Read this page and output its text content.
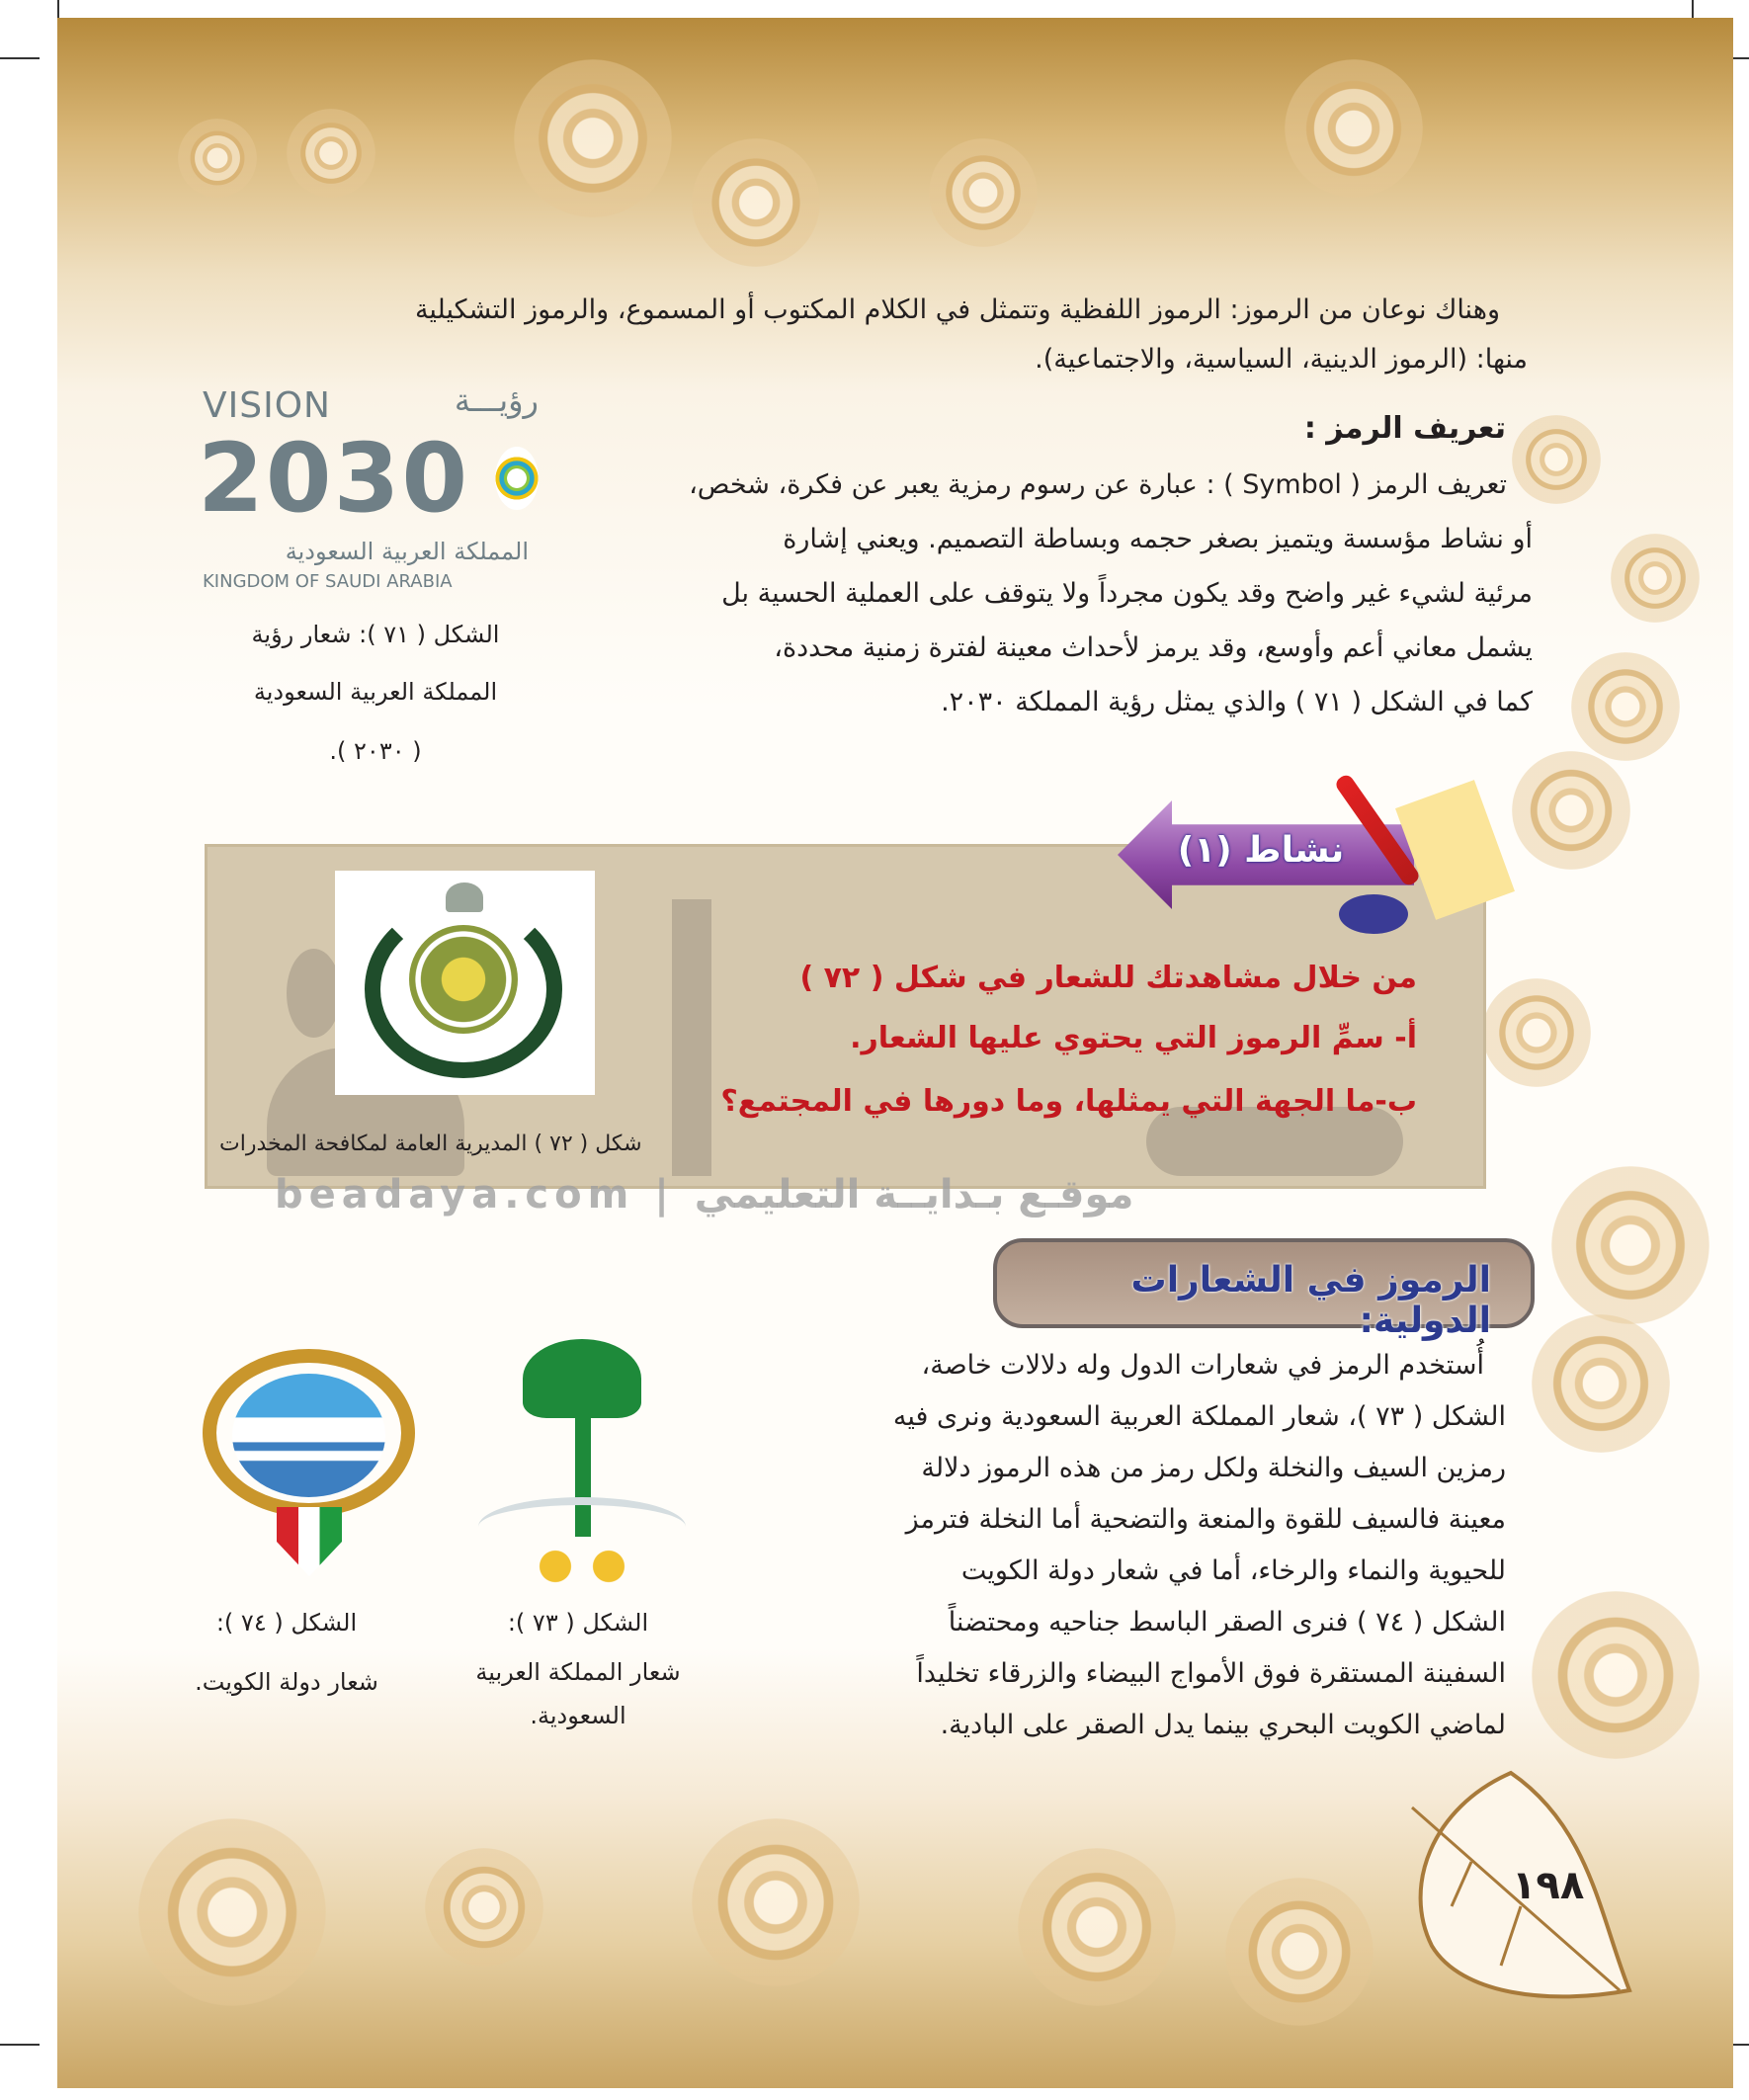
وهناك نوعان من الرموز: الرموز اللفظية وتتمثل في الكلام المكتوب أو المسموع، والرموز التشكيلية
منها: (الرموز الدينية، السياسية، والاجتماعية).
VISION	رؤيـــة
2030
المملكة العربية السعودية
KINGDOM OF SAUDI ARABIA
الشكل ( ٧١ ): شعار رؤية
المملكة العربية السعودية
( ٢٠٣٠ ).
تعريف الرمز :
تعريف الرمز ( Symbol ) : عبارة عن رسوم رمزية يعبر عن فكرة، شخص،
أو نشاط مؤسسة ويتميز بصغر حجمه وبساطة التصميم. ويعني إشارة
مرئية لشيء غير واضح وقد يكون مجرداً ولا يتوقف على العملية الحسية بل
يشمل معاني أعم وأوسع، وقد يرمز لأحداث معينة لفترة زمنية محددة،
كما في الشكل ( ٧١ ) والذي يمثل رؤية المملكة ٢٠٣٠.
نشاط (١)
من خلال مشاهدتك للشعار في شكل ( ٧٢ )
أ- سمِّ الرموز التي يحتوي عليها الشعار.
ب-ما الجهة التي يمثلها، وما دورها في المجتمع؟
شكل ( ٧٢ ) المديرية العامة لمكافحة المخدرات
beadaya.com | موقـع بـدايــة التعليمي
الرموز في الشعارات الدولية:
أُستخدم الرمز في شعارات الدول وله دلالات خاصة،
الشكل ( ٧٣ )، شعار المملكة العربية السعودية ونرى فيه
رمزين السيف والنخلة ولكل رمز من هذه الرموز دلالة
معينة فالسيف للقوة والمنعة والتضحية أما النخلة فترمز
للحيوية والنماء والرخاء، أما في شعار دولة الكويت
الشكل ( ٧٤ ) فنرى الصقر الباسط جناحيه ومحتضناً
السفينة المستقرة فوق الأمواج البيضاء والزرقاء تخليداً
لماضي الكويت البحري بينما يدل الصقر على البادية.
الشكل ( ٧٣ ):
شعار المملكة العربية
السعودية.
الشكل ( ٧٤ ):
شعار دولة الكويت.
١٩٨
